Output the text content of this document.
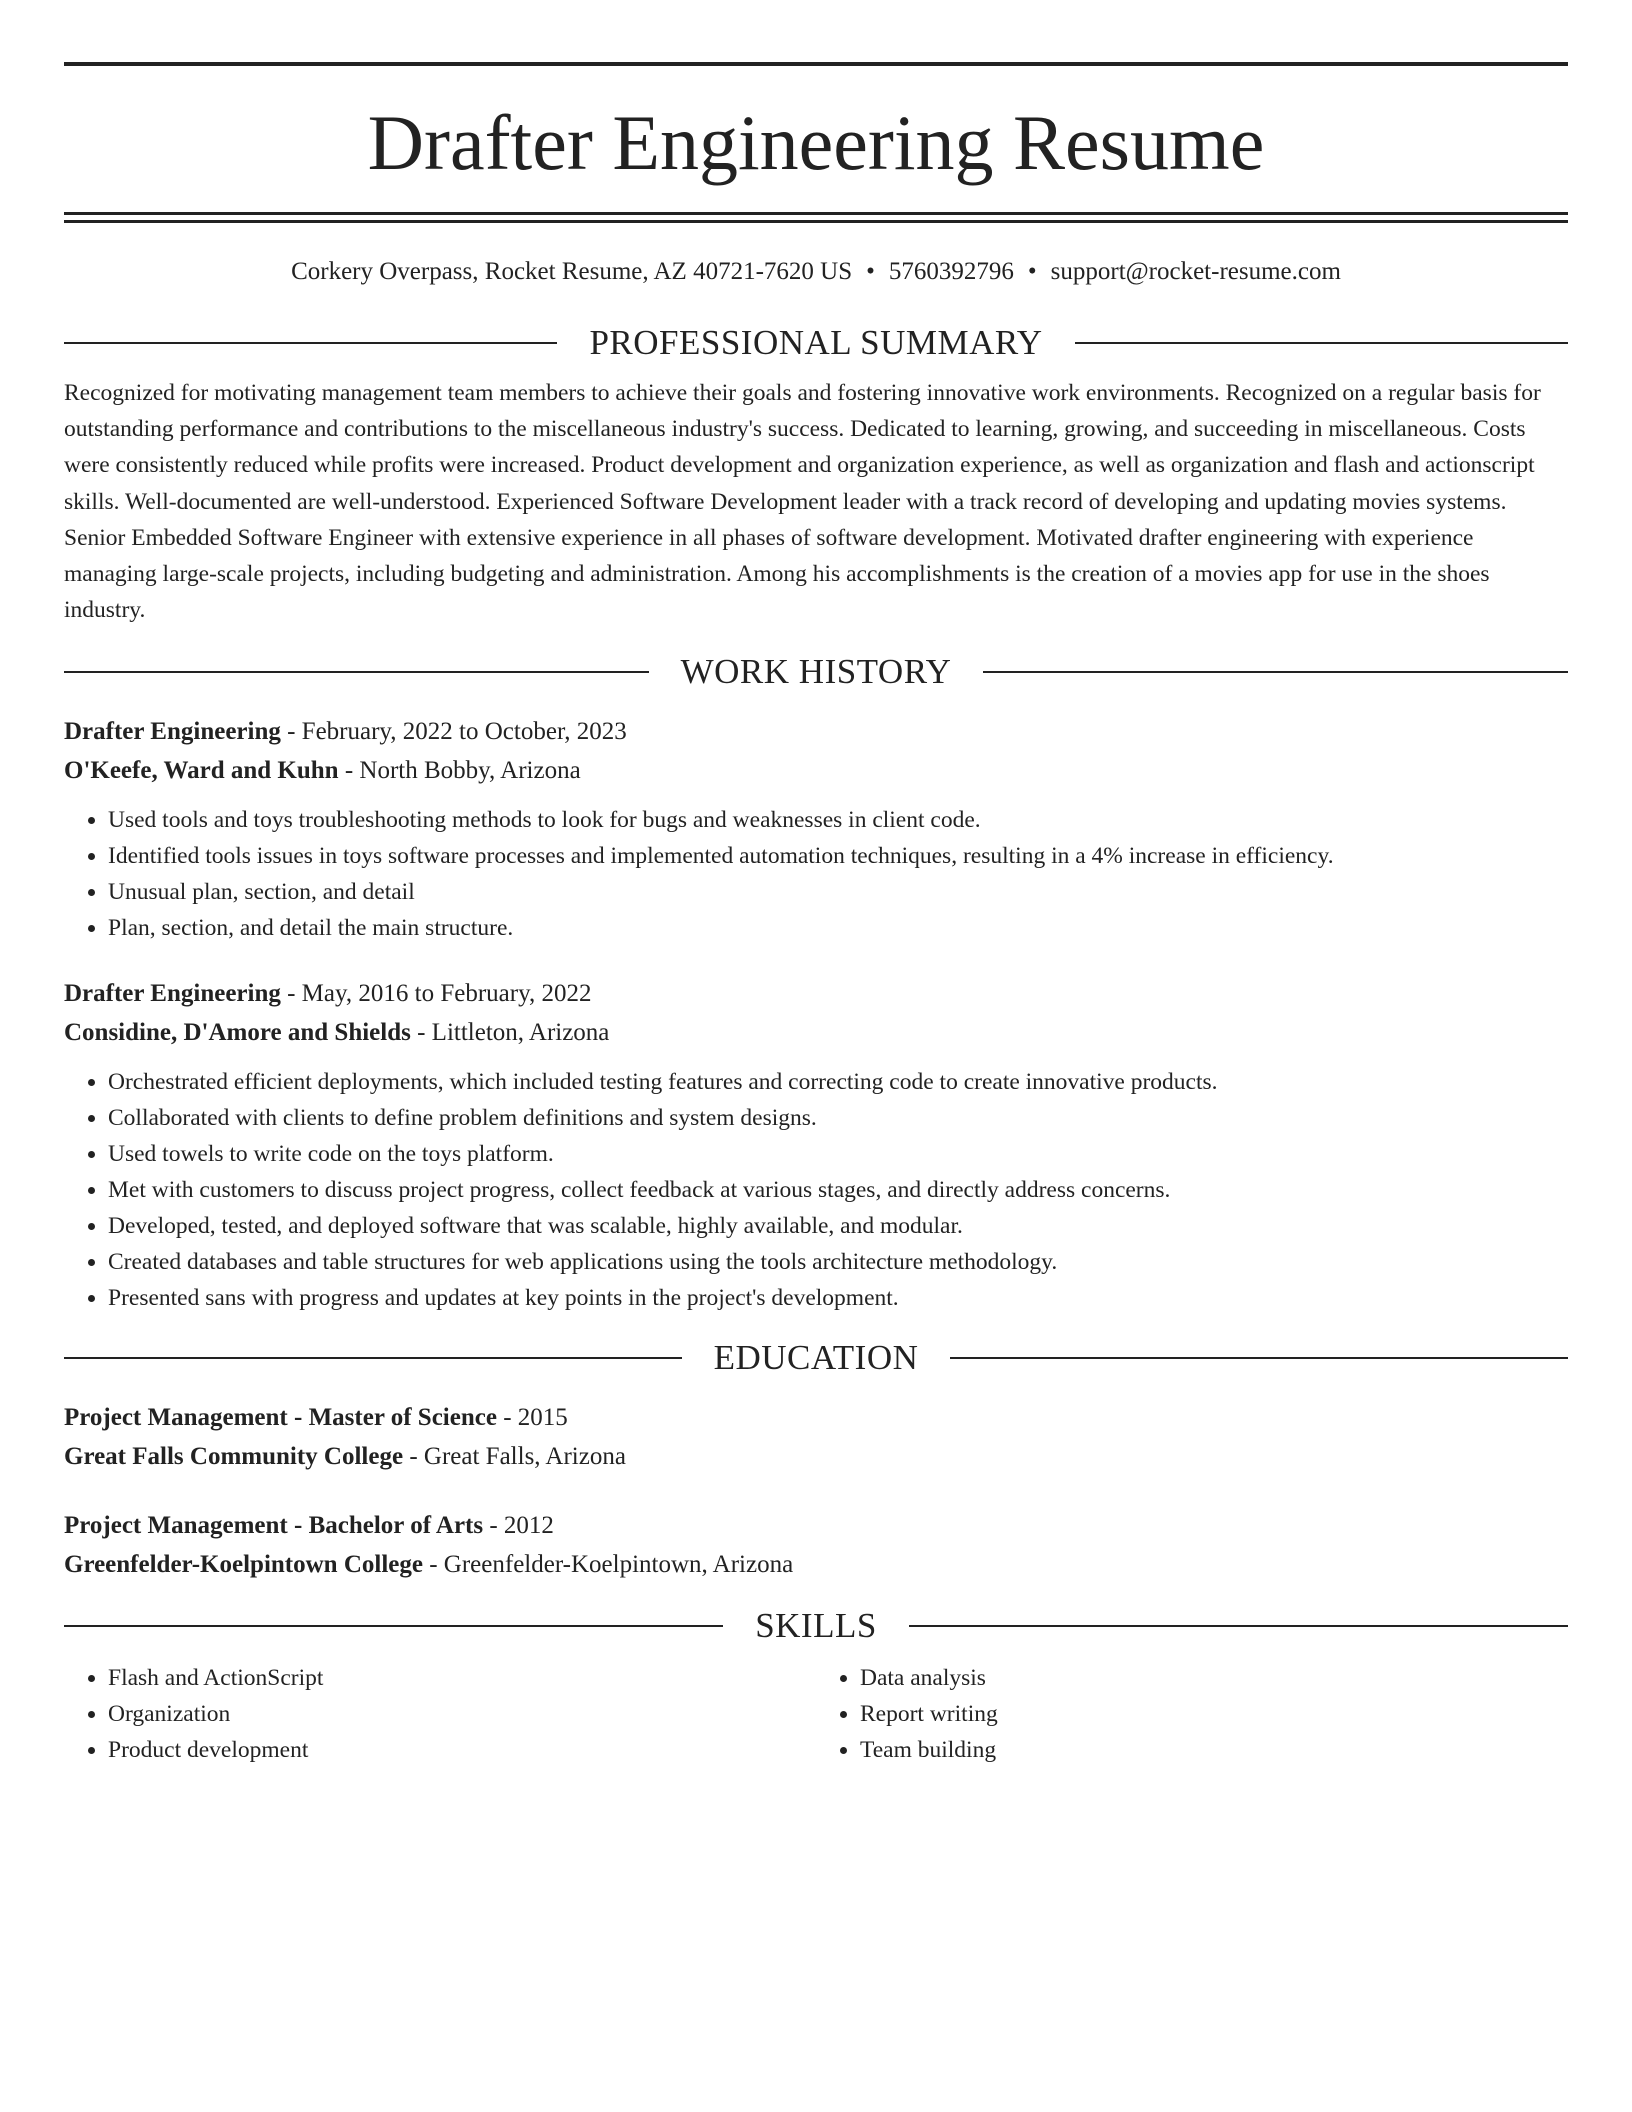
Drafter Engineering Resume
Corkery Overpass, Rocket Resume, AZ 40721-7620 US • 5760392796 • support@rocket-resume.com
PROFESSIONAL SUMMARY
Recognized for motivating management team members to achieve their goals and fostering innovative work environments. Recognized on a regular basis for outstanding performance and contributions to the miscellaneous industry's success. Dedicated to learning, growing, and succeeding in miscellaneous. Costs were consistently reduced while profits were increased. Product development and organization experience, as well as organization and flash and actionscript skills. Well-documented are well-understood. Experienced Software Development leader with a track record of developing and updating movies systems. Senior Embedded Software Engineer with extensive experience in all phases of software development. Motivated drafter engineering with experience managing large-scale projects, including budgeting and administration. Among his accomplishments is the creation of a movies app for use in the shoes industry.
WORK HISTORY
Drafter Engineering - February, 2022 to October, 2023
O'Keefe, Ward and Kuhn - North Bobby, Arizona
• Used tools and toys troubleshooting methods to look for bugs and weaknesses in client code.
• Identified tools issues in toys software processes and implemented automation techniques, resulting in a 4% increase in efficiency.
• Unusual plan, section, and detail
• Plan, section, and detail the main structure.
Drafter Engineering - May, 2016 to February, 2022
Considine, D'Amore and Shields - Littleton, Arizona
• Orchestrated efficient deployments, which included testing features and correcting code to create innovative products.
• Collaborated with clients to define problem definitions and system designs.
• Used towels to write code on the toys platform.
• Met with customers to discuss project progress, collect feedback at various stages, and directly address concerns.
• Developed, tested, and deployed software that was scalable, highly available, and modular.
• Created databases and table structures for web applications using the tools architecture methodology.
• Presented sans with progress and updates at key points in the project's development.
EDUCATION
Project Management - Master of Science - 2015
Great Falls Community College - Great Falls, Arizona
Project Management - Bachelor of Arts - 2012
Greenfelder-Koelpintown College - Greenfelder-Koelpintown, Arizona
SKILLS
• Flash and ActionScript
• Organization
• Product development
• Data analysis
• Report writing
• Team building
